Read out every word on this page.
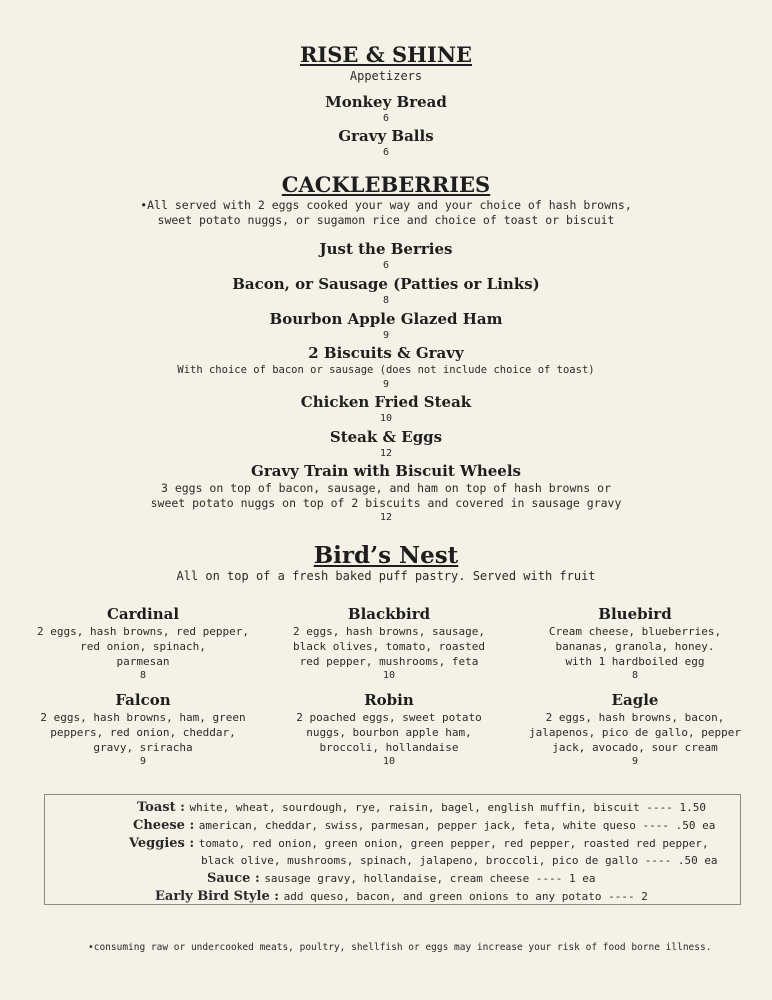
RISE & SHINE

Appetizers

Monkey Bread

6

Gravy Balls

6

CACKLEBERRIES

•All served with 2 eggs cooked your way and your choice of hash browns,

sweet potato nuggs, or sugamon rice and choice of toast or biscuit

Just the Berries

6

Bacon, or Sausage (Patties or Links)

8

Bourbon Apple Glazed Ham

9

2 Biscuits & Gravy

With choice of bacon or sausage (does not include choice of toast)

9

Chicken Fried Steak

10

Steak & Eggs

12

Gravy Train with Biscuit Wheels

3 eggs on top of bacon, sausage, and ham on top of hash browns or

sweet potato nuggs on top of 2 biscuits and covered in sausage gravy

12

Bird’s Nest

All on top of a fresh baked puff pastry. Served with fruit

Cardinal

2 eggs, hash browns, red pepper,

red onion, spinach,

parmesan

8

Blackbird

2 eggs, hash browns, sausage,

black olives, tomato, roasted

red pepper, mushrooms, feta

10

Bluebird

Cream cheese, blueberries,

bananas, granola, honey.

with 1 hardboiled egg

8

Falcon

2 eggs, hash browns, ham, green

peppers, red onion, cheddar,

gravy, sriracha

9

Robin

2 poached eggs, sweet potato

nuggs, bourbon apple ham,

broccoli, hollandaise

10

Eagle

2 eggs, hash browns, bacon,

jalapenos, pico de gallo, pepper

jack, avocado, sour cream

9

Toast : white, wheat, sourdough, rye, raisin, bagel, english muffin, biscuit ---- 1.50
Cheese : american, cheddar, swiss, parmesan, pepper jack, feta, white queso ---- .50 ea
Veggies : tomato, red onion, green onion, green pepper, red pepper, roasted red pepper,
black olive, mushrooms, spinach, jalapeno, broccoli, pico de gallo ---- .50 ea
Sauce : sausage gravy, hollandaise, cream cheese ---- 1 ea
Early Bird Style : add queso, bacon, and green onions to any potato ---- 2
•consuming raw or undercooked meats, poultry, shellfish or eggs may increase your risk of food borne illness.
